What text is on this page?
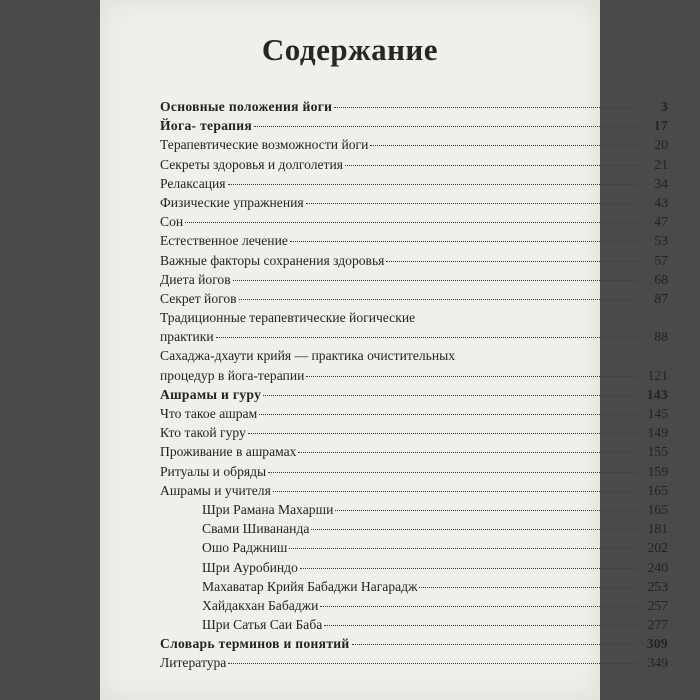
Содержание
Основные положения йоги	3
Йога- терапия	17
Терапевтические возможности йоги	20
Секреты здоровья и долголетия	21
Релаксация	34
Физические упражнения	43
Сон	47
Естественное лечение	53
Важные факторы сохранения здоровья	57
Диета йогов	68
Секрет йогов	87
Традиционные терапевтические йогические
практики	88
Сахаджа-дхаути крийя — практика очистительных
процедур в йога-терапии	121
Ашрамы и гуру	143
Что такое ашрам	145
Кто такой гуру	149
Проживание в ашрамах	155
Ритуалы и обряды	159
Ашрамы и учителя	165
Шри Рамана Махарши	165
Свами Шивананда	181
Ошо Раджниш	202
Шри Ауробиндо	240
Махаватар Крийя Бабаджи Нагарадж	253
Хайдакхан Бабаджи	257
Шри Сатья Саи Баба	277
Словарь терминов и понятий	309
Литература	349
